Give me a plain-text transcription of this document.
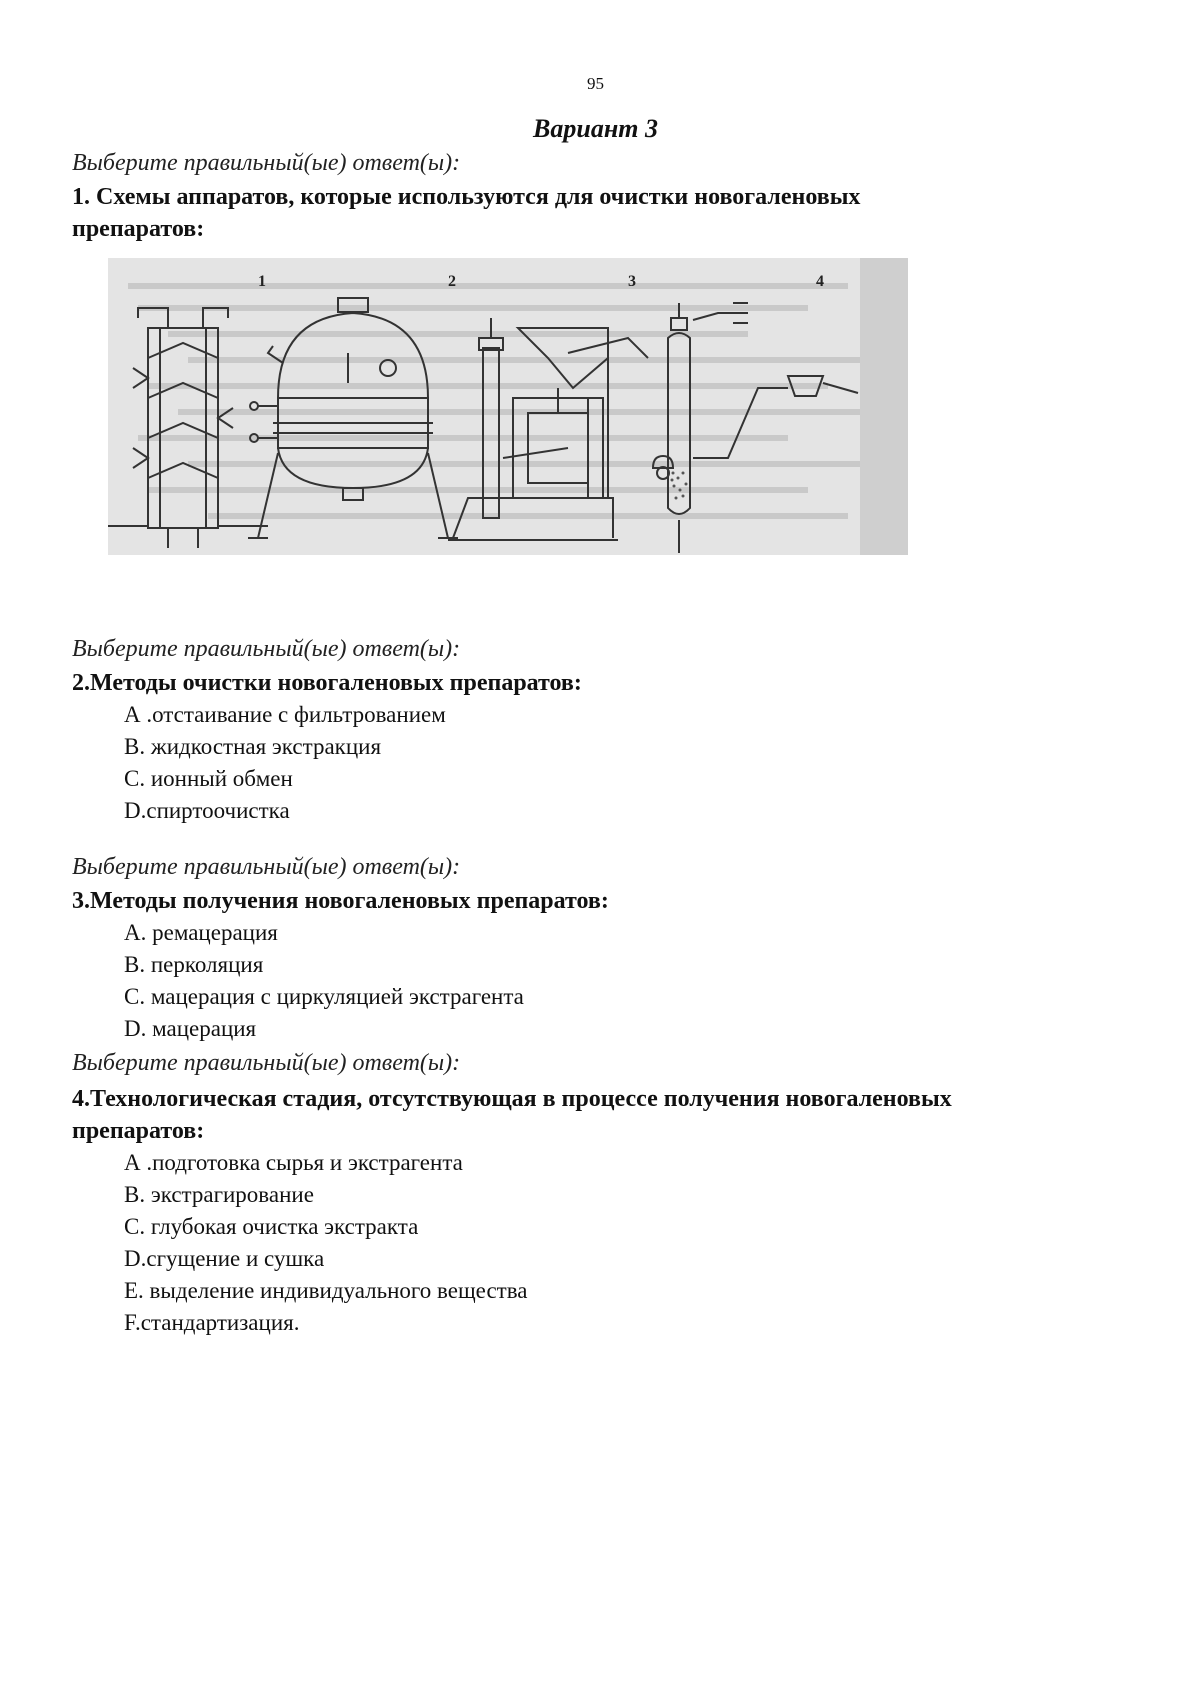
95
Вариант 3
Выберите правильный(ые) ответ(ы):
1. Схемы аппаратов, которые используются для очистки новогаленовых
препаратов:
1	2	3	4
Выберите правильный(ые) ответ(ы):
2.Методы очистки новогаленовых препаратов:
А .отстаивание с фильтрованием
В. жидкостная экстракция
С. ионный обмен
D.спиртоочистка
Выберите правильный(ые) ответ(ы):
3.Методы получения новогаленовых препаратов:
А. ремацерация
В. перколяция
С. мацерация с циркуляцией экстрагента
D. мацерация
Выберите правильный(ые) ответ(ы):
4.Технологическая стадия, отсутствующая в процессе получения новогаленовых
препаратов:
А .подготовка сырья и экстрагента
В. экстрагирование
С. глубокая очистка экстракта
D.сгущение и сушка
Е. выделение индивидуального вещества
F.стандартизация.
